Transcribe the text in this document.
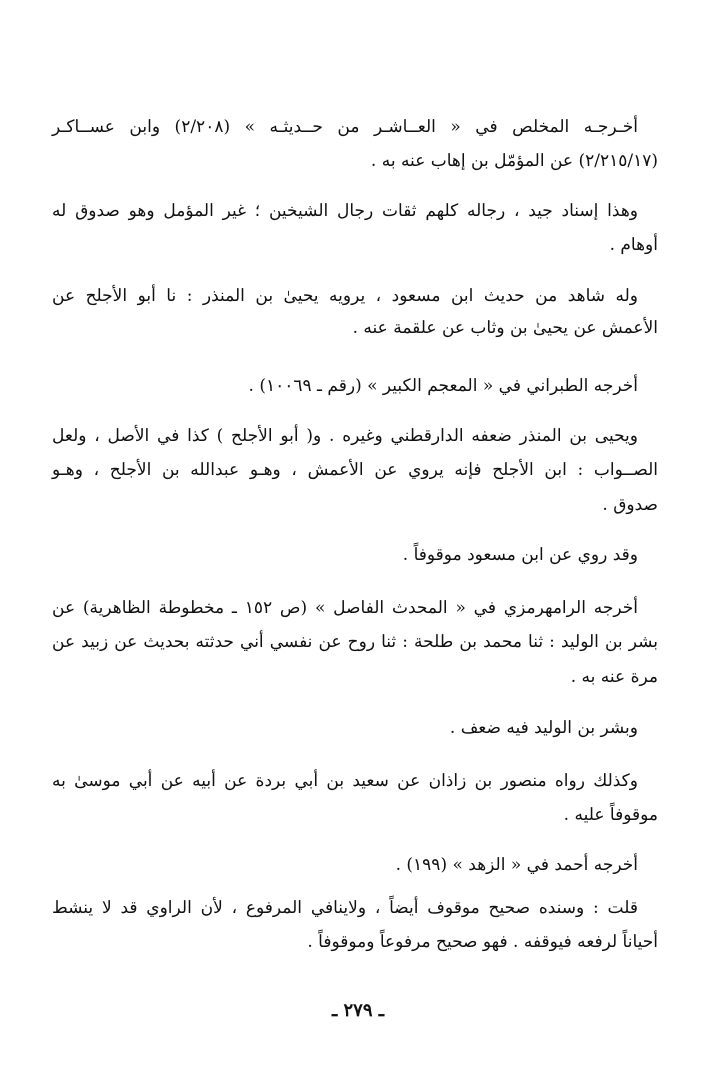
أخـرجـه المخلص في « العــاشـر من حــديثـه » (٢/٢٠٨) وابن عســاكـر
(٢/٢١٥/١٧) عن المؤمّل بن إهاب عنه به .
وهذا إسناد جيد ، رجاله كلهم ثقات رجال الشيخين ؛ غير المؤمل وهو صدوق له
أوهام .
وله شاهد من حديث ابن مسعود ، يرويه يحيىٰ بن المنذر : نا أبو الأجلح عن
الأعمش عن يحيىٰ بن وثاب عن علقمة عنه .
أخرجه الطبراني في « المعجم الكبير » (رقم ـ ١٠٠٦٩) .
ويحيى بن المنذر ضعفه الدارقطني وغيره . و( أبو الأجلح ) كذا في الأصل ، ولعل
الصــواب : ابن الأجلح فإنه يروي عن الأعمش ، وهـو عبدالله بن الأجلح ، وهـو
صدوق .
وقد روي عن ابن مسعود موقوفاً .
أخرجه الرامهرمزي في « المحدث الفاصل » (ص ١٥٢ ـ مخطوطة الظاهرية) عن
بشر بن الوليد : ثنا محمد بن طلحة : ثنا روح عن نفسي أني حدثته بحديث عن زبيد عن
مرة عنه به .
وبشر بن الوليد فيه ضعف .
وكذلك رواه منصور بن زاذان عن سعيد بن أبي بردة عن أبيه عن أبي موسىٰ به
موقوفاً عليه .
أخرجه أحمد في « الزهد » (١٩٩) .
قلت : وسنده صحيح موقوف أيضاً ، ولاينافي المرفوع ، لأن الراوي قد لا ينشط
أحياناً لرفعه فيوقفه . فهو صحيح مرفوعاً وموقوفاً .
ـ ٢٧٩ ـ
